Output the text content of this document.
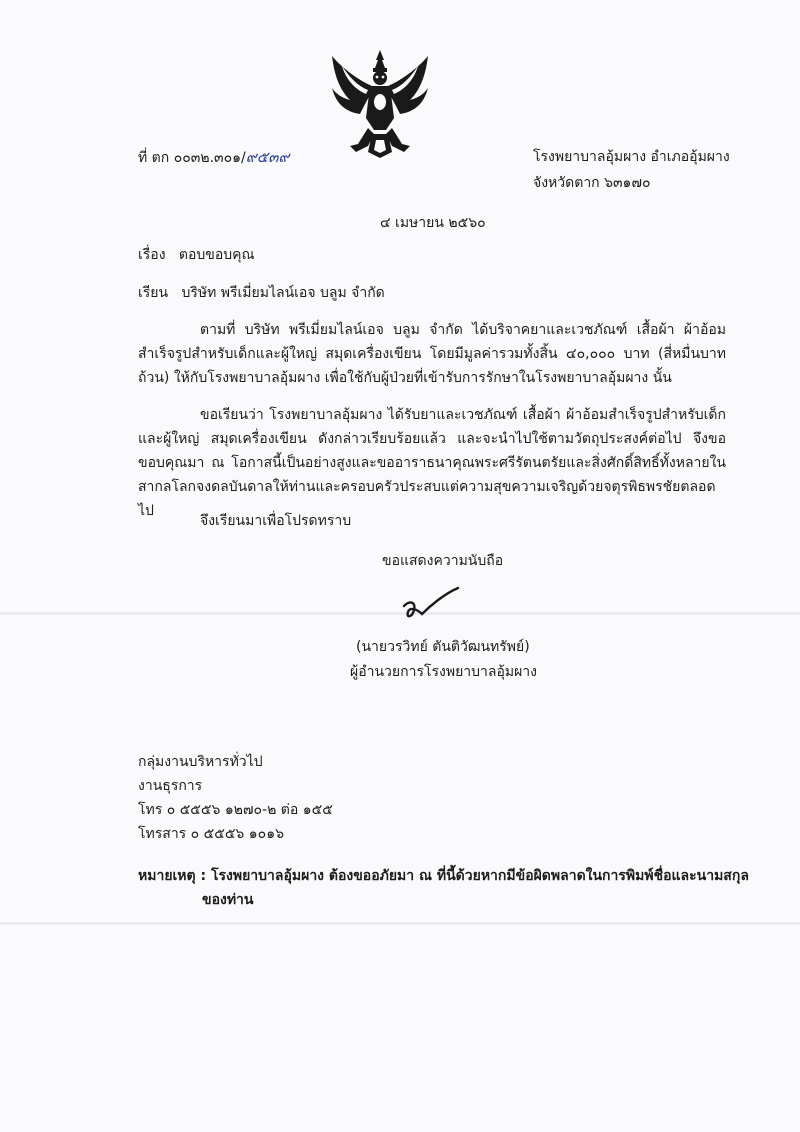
ที่ ตก ๐๐๓๒.๓๐๑/๙๕๓๙	โรงพยาบาลอุ้มผาง อำเภออุ้มผาง
จังหวัดตาก ๖๓๑๗๐
๔ เมษายน ๒๕๖๐
เรื่อง ตอบขอบคุณ
เรียน บริษัท พรีเมี่ยมไลน์เอจ บลูม จำกัด
ตามที่ บริษัท พรีเมี่ยมไลน์เอจ บลูม จำกัด ได้บริจาคยาและเวชภัณฑ์ เสื้อผ้า ผ้าอ้อมสำเร็จรูปสำหรับเด็กและผู้ใหญ่ สมุดเครื่องเขียน โดยมีมูลค่ารวมทั้งสิ้น ๔๐,๐๐๐ บาท (สี่หมื่นบาทถ้วน) ให้กับโรงพยาบาลอุ้มผาง เพื่อใช้กับผู้ป่วยที่เข้ารับการรักษาในโรงพยาบาลอุ้มผาง นั้น
ขอเรียนว่า โรงพยาบาลอุ้มผาง ได้รับยาและเวชภัณฑ์ เสื้อผ้า ผ้าอ้อมสำเร็จรูปสำหรับเด็กและผู้ใหญ่ สมุดเครื่องเขียน ดังกล่าวเรียบร้อยแล้ว และจะนำไปใช้ตามวัตถุประสงค์ต่อไป จึงขอขอบคุณมา ณ โอกาสนี้เป็นอย่างสูงและขออาราธนาคุณพระศรีรัตนตรัยและสิ่งศักดิ์สิทธิ์ทั้งหลายในสากลโลกจงดลบันดาลให้ท่านและครอบครัวประสบแต่ความสุขความเจริญด้วยจตุรพิธพรชัยตลอดไป
จึงเรียนมาเพื่อโปรดทราบ
ขอแสดงความนับถือ
(นายวรวิทย์ ตันติวัฒนทรัพย์)
ผู้อำนวยการโรงพยาบาลอุ้มผาง
กลุ่มงานบริหารทั่วไป
งานธุรการ
โทร ๐ ๕๕๕๖ ๑๒๗๐-๒ ต่อ ๑๕๕
โทรสาร ๐ ๕๕๕๖ ๑๐๑๖
หมายเหตุ : โรงพยาบาลอุ้มผาง ต้องขออภัยมา ณ ที่นี้ด้วยหากมีข้อผิดพลาดในการพิมพ์ชื่อและนามสกุล
ของท่าน
